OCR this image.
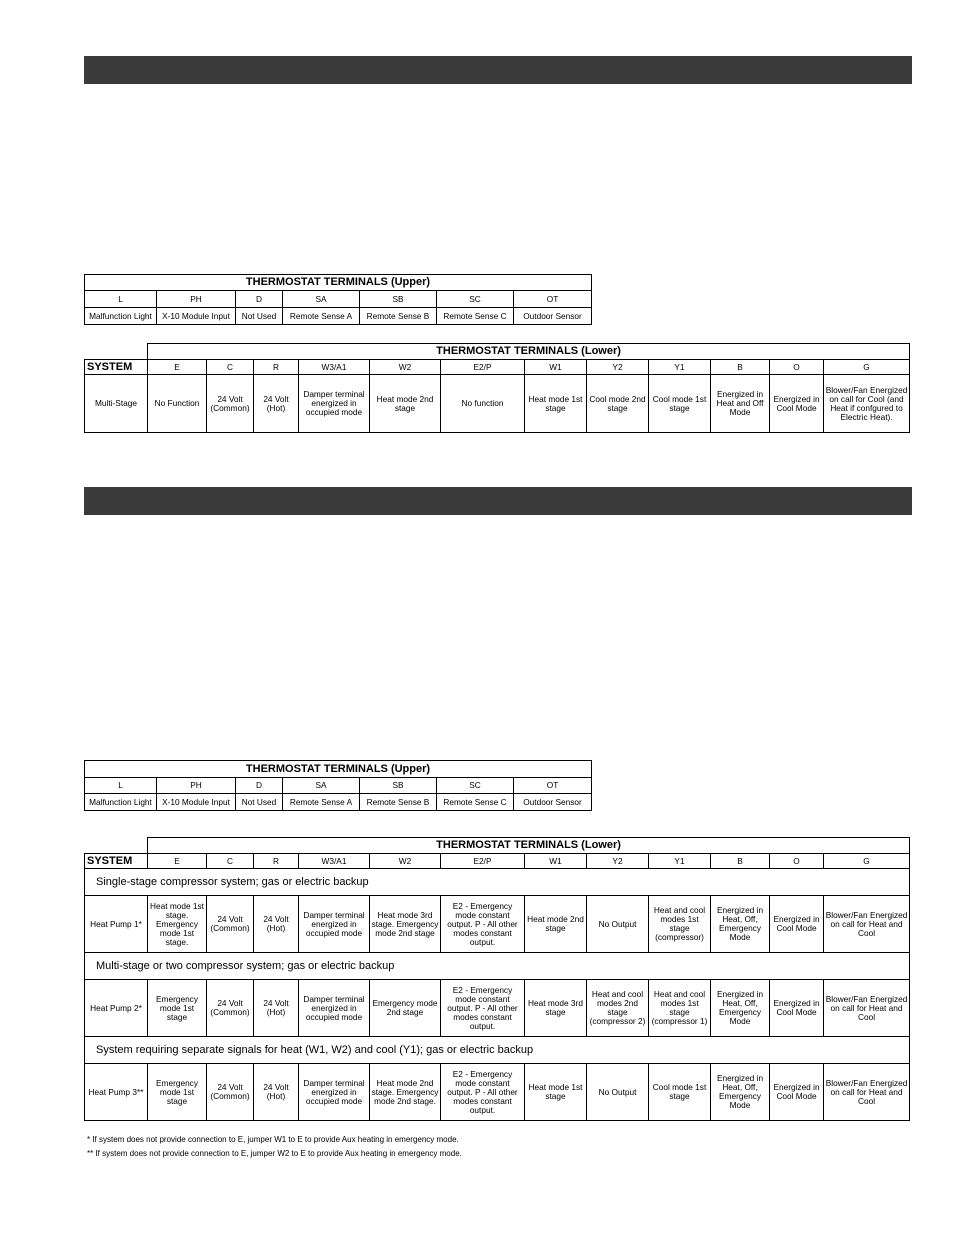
THERMOSTAT TERMINALS (Upper)						
L	PH	D	SA	SB	SC	OT
Malfunction Light	X-10 Module Input	Not Used	Remote Sense A	Remote Sense B	Remote Sense C	Outdoor Sensor
	THERMOSTAT TERMINALS (Lower)											
SYSTEM	E	C	R	W3/A1	W2	E2/P	W1	Y2	Y1	B	O	G
Multi-Stage	No Function	24 Volt (Common)	24 Volt (Hot)	Damper terminal energized in occupied mode	Heat mode 2nd stage	No function	Heat mode 1st stage	Cool mode 2nd stage	Cool mode 1st stage	Energized in Heat and Off Mode	Energized in Cool Mode	Blower/Fan Energized on call for Cool (and Heat if confgured to Electric Heat).
THERMOSTAT TERMINALS (Upper)						
L	PH	D	SA	SB	SC	OT
Malfunction Light	X-10 Module Input	Not Used	Remote Sense A	Remote Sense B	Remote Sense C	Outdoor Sensor
	THERMOSTAT TERMINALS (Lower)											
SYSTEM	E	C	R	W3/A1	W2	E2/P	W1	Y2	Y1	B	O	G
Single-stage compressor system; gas or electric backup												
Heat Pump 1*	Heat mode 1st stage. Emergency mode 1st stage.	24 Volt (Common)	24 Volt (Hot)	Damper terminal energized in occupied mode	Heat mode 3rd stage. Emergency mode 2nd stage	E2 - Emergency mode constant output. P - All other modes constant output.	Heat mode 2nd stage	No Output	Heat and cool modes 1st stage (compressor)	Energized in Heat, Off, Emergency Mode	Energized in Cool Mode	Blower/Fan Energized on call for Heat and Cool
Multi-stage or two compressor system; gas or electric backup												
Heat Pump 2*	Emergency mode 1st stage	24 Volt (Common)	24 Volt (Hot)	Damper terminal energized in occupied mode	Emergency mode 2nd stage	E2 - Emergency mode constant output. P - All other modes constant output.	Heat mode 3rd stage	Heat and cool modes 2nd stage (compressor 2)	Heat and cool modes 1st stage (compressor 1)	Energized in Heat, Off, Emergency Mode	Energized in Cool Mode	Blower/Fan Energized on call for Heat and Cool
System requiring separate signals for heat (W1, W2) and cool (Y1); gas or electric backup												
Heat Pump 3**	Emergency mode 1st stage	24 Volt (Common)	24 Volt (Hot)	Damper terminal energized in occupied mode	Heat mode 2nd stage. Emergency mode 2nd stage.	E2 - Emergency mode constant output. P - All other modes constant output.	Heat mode 1st stage	No Output	Cool mode 1st stage	Energized in Heat, Off, Emergency Mode	Energized in Cool Mode	Blower/Fan Energized on call for Heat and Cool
* If system does not provide connection to E, jumper W1 to E to provide Aux heating in emergency mode.
** If system does not provide connection to E, jumper W2 to E to provide Aux heating in emergency mode.
